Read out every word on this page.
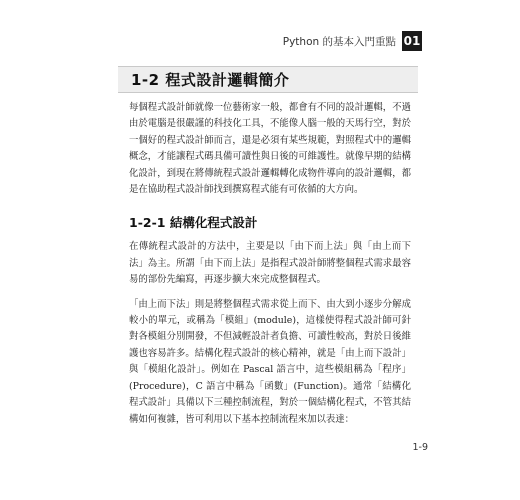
Python 的基本入門重點 01
1-2 程式設計邏輯簡介

每個程式設計師就像一位藝術家一般，都會有不同的設計邏輯，不過由於電腦是很嚴謹的科技化工具，不能像人腦一般的天馬行空，對於一個好的程式設計師而言，還是必須有某些規範，對照程式中的邏輯概念，才能讓程式碼具備可讀性與日後的可維護性。就像早期的結構化設計，到現在將傳統程式設計邏輯轉化成物件導向的設計邏輯，都是在協助程式設計師找到撰寫程式能有可依循的大方向。

1-2-1 結構化程式設計

在傳統程式設計的方法中，主要是以「由下而上法」與「由上而下法」為主。所謂「由下而上法」是指程式設計師將整個程式需求最容易的部份先編寫，再逐步擴大來完成整個程式。

「由上而下法」則是將整個程式需求從上而下、由大到小逐步分解成較小的單元，或稱為「模組」(module)，這樣使得程式設計師可針對各模組分別開發，不但減輕設計者負擔、可讀性較高，對於日後維護也容易許多。結構化程式設計的核心精神，就是「由上而下設計」與「模組化設計」。例如在 Pascal 語言中，這些模組稱為「程序」(Procedure)，C 語言中稱為「函數」(Function)。通常「結構化程式設計」具備以下三種控制流程，對於一個結構化程式，不管其結構如何複雜，皆可利用以下基本控制流程來加以表達：

1-9
